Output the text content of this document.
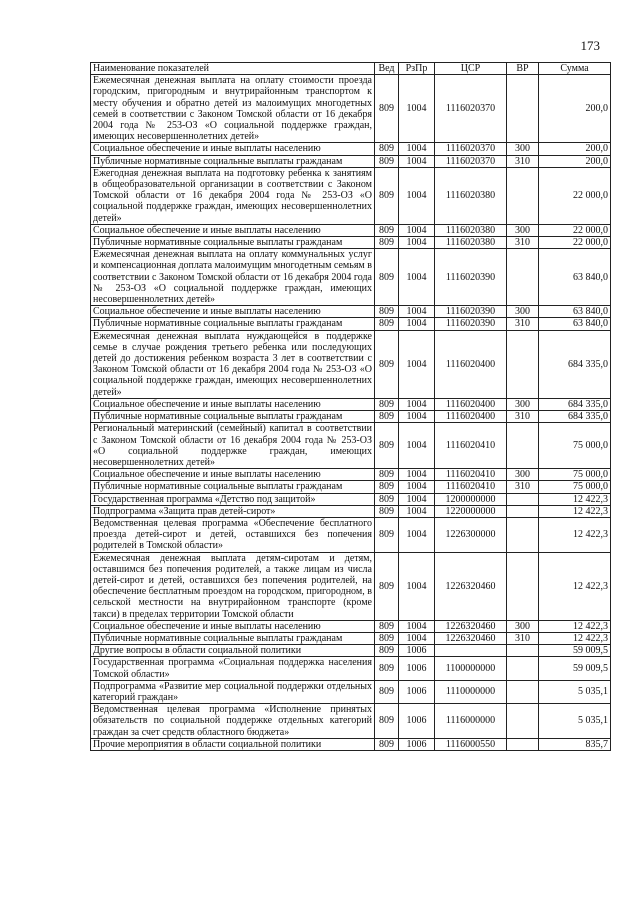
173
Наименование показателей	Вед	РзПр	ЦСР	ВР	Сумма
Ежемесячная денежная выплата на оплату стоимости проезда городским, пригородным и внутрирайонным транспортом к месту обучения и обратно детей из малоимущих многодетных семей в соответствии с Законом Томской области от 16 декабря 2004 года № 253-ОЗ «О социальной поддержке граждан, имеющих несовершеннолетних детей»	809	1004	1116020370		200,0
Социальное обеспечение и иные выплаты населению	809	1004	1116020370	300	200,0
Публичные нормативные социальные выплаты гражданам	809	1004	1116020370	310	200,0
Ежегодная денежная выплата на подготовку ребенка к занятиям в общеобразовательной организации в соответствии с Законом Томской области от 16 декабря 2004 года № 253-ОЗ «О социальной поддержке граждан, имеющих несовершеннолетних детей»	809	1004	1116020380		22 000,0
Социальное обеспечение и иные выплаты населению	809	1004	1116020380	300	22 000,0
Публичные нормативные социальные выплаты гражданам	809	1004	1116020380	310	22 000,0
Ежемесячная денежная выплата на оплату коммунальных услуг и компенсационная доплата малоимущим многодетным семьям в соответствии с Законом Томской области от 16 декабря 2004 года № 253-ОЗ «О социальной поддержке граждан, имеющих несовершеннолетних детей»	809	1004	1116020390		63 840,0
Социальное обеспечение и иные выплаты населению	809	1004	1116020390	300	63 840,0
Публичные нормативные социальные выплаты гражданам	809	1004	1116020390	310	63 840,0
Ежемесячная денежная выплата нуждающейся в поддержке семье в случае рождения третьего ребенка или последующих детей до достижения ребенком возраста 3 лет в соответствии с Законом Томской области от 16 декабря 2004 года № 253-ОЗ «О социальной поддержке граждан, имеющих несовершеннолетних детей»	809	1004	1116020400		684 335,0
Социальное обеспечение и иные выплаты населению	809	1004	1116020400	300	684 335,0
Публичные нормативные социальные выплаты гражданам	809	1004	1116020400	310	684 335,0
Региональный материнский (семейный) капитал в соответствии с Законом Томской области от 16 декабря 2004 года № 253-ОЗ «О социальной поддержке граждан, имеющих несовершеннолетних детей»	809	1004	1116020410		75 000,0
Социальное обеспечение и иные выплаты населению	809	1004	1116020410	300	75 000,0
Публичные нормативные социальные выплаты гражданам	809	1004	1116020410	310	75 000,0
Государственная программа «Детство под защитой»	809	1004	1200000000		12 422,3
Подпрограмма «Защита прав детей-сирот»	809	1004	1220000000		12 422,3
Ведомственная целевая программа «Обеспечение бесплатного проезда детей-сирот и детей, оставшихся без попечения родителей в Томской области»	809	1004	1226300000		12 422,3
Ежемесячная денежная выплата детям-сиротам и детям, оставшимся без попечения родителей, а также лицам из числа детей-сирот и детей, оставшихся без попечения родителей, на обеспечение бесплатным проездом на городском, пригородном, в сельской местности на внутрирайонном транспорте (кроме такси) в пределах территории Томской области	809	1004	1226320460		12 422,3
Социальное обеспечение и иные выплаты населению	809	1004	1226320460	300	12 422,3
Публичные нормативные социальные выплаты гражданам	809	1004	1226320460	310	12 422,3
Другие вопросы в области социальной политики	809	1006			59 009,5
Государственная программа «Социальная поддержка населения Томской области»	809	1006	1100000000		59 009,5
Подпрограмма «Развитие мер социальной поддержки отдельных категорий граждан»	809	1006	1110000000		5 035,1
Ведомственная целевая программа «Исполнение принятых обязательств по социальной поддержке отдельных категорий граждан за счет средств областного бюджета»	809	1006	1116000000		5 035,1
Прочие мероприятия в области социальной политики	809	1006	1116000550		835,7
